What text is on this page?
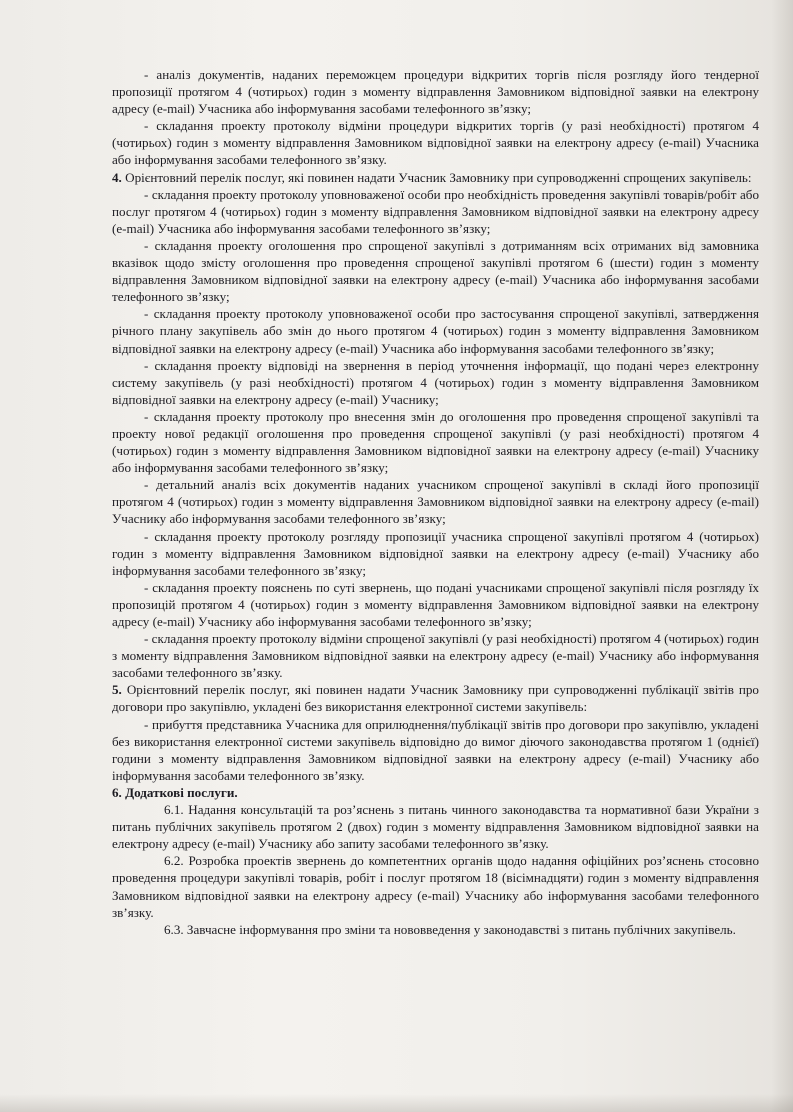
- аналіз документів, наданих переможцем процедури відкритих торгів після розгляду його тендерної пропозиції протягом 4 (чотирьох) годин з моменту відправлення Замовником відповідної заявки на електрону адресу (e-mail) Учасника або інформування засобами телефонного зв’язку;

- складання проекту протоколу відміни процедури відкритих торгів (у разі необхідності) протягом 4 (чотирьох) годин з моменту відправлення Замовником відповідної заявки на електрону адресу (e-mail) Учасника або інформування засобами телефонного зв’язку.

4. Орієнтовний перелік послуг, які повинен надати Учасник Замовнику при супроводженні спрощених закупівель:

- складання проекту протоколу уповноваженої особи про необхідність проведення закупівлі товарів/робіт або послуг протягом 4 (чотирьох) годин з моменту відправлення Замовником відповідної заявки на електрону адресу (e-mail) Учасника або інформування засобами телефонного зв’язку;

- складання проекту оголошення про спрощеної закупівлі з дотриманням всіх отриманих від замовника вказівок щодо змісту оголошення про проведення спрощеної закупівлі протягом 6 (шести) годин з моменту відправлення Замовником відповідної заявки на електрону адресу (e-mail) Учасника або інформування засобами телефонного зв’язку;

- складання проекту протоколу уповноваженої особи про застосування спрощеної закупівлі, затвердження річного плану закупівель або змін до нього протягом 4 (чотирьох) годин з моменту відправлення Замовником відповідної заявки на електрону адресу (e-mail) Учасника або інформування засобами телефонного зв’язку;

- складання проекту відповіді на звернення в період уточнення інформації, що подані через електронну систему закупівель (у разі необхідності) протягом 4 (чотирьох) годин з моменту відправлення Замовником відповідної заявки на електрону адресу (e-mail) Учаснику;

- складання проекту протоколу про внесення змін до оголошення про проведення спрощеної закупівлі та проекту нової редакції оголошення про проведення спрощеної закупівлі (у разі необхідності) протягом 4 (чотирьох) годин з моменту відправлення Замовником відповідної заявки на електрону адресу (e-mail) Учаснику або інформування засобами телефонного зв’язку;

- детальний аналіз всіх документів наданих учасником спрощеної закупівлі в складі його пропозиції протягом 4 (чотирьох) годин з моменту відправлення Замовником відповідної заявки на електрону адресу (e-mail) Учаснику або інформування засобами телефонного зв’язку;

- складання проекту протоколу розгляду пропозиції учасника спрощеної закупівлі протягом 4 (чотирьох) годин з моменту відправлення Замовником відповідної заявки на електрону адресу (e-mail) Учаснику або інформування засобами телефонного зв’язку;

- складання проекту пояснень по суті звернень, що подані учасниками спрощеної закупівлі після розгляду їх пропозицій протягом 4 (чотирьох) годин з моменту відправлення Замовником відповідної заявки на електрону адресу (e-mail) Учаснику або інформування засобами телефонного зв’язку;

- складання проекту протоколу відміни спрощеної закупівлі (у разі необхідності) протягом 4 (чотирьох) годин з моменту відправлення Замовником відповідної заявки на електрону адресу (e-mail) Учаснику або інформування засобами телефонного зв’язку.

5. Орієнтовний перелік послуг, які повинен надати Учасник Замовнику при супроводженні публікації звітів про договори про закупівлю, укладені без використання електронної системи закупівель:

- прибуття представника Учасника для оприлюднення/публікації звітів про договори про закупівлю, укладені без використання електронної системи закупівель відповідно до вимог діючого законодавства протягом 1 (однієї) години з моменту відправлення Замовником відповідної заявки на електрону адресу (e-mail) Учаснику або інформування засобами телефонного зв’язку.

6. Додаткові послуги.

6.1. Надання консультацій та роз’яснень з питань чинного законодавства та нормативної бази України з питань публічних закупівель протягом 2 (двох) годин з моменту відправлення Замовником відповідної заявки на електрону адресу (e-mail) Учаснику або запиту засобами телефонного зв’язку.

6.2. Розробка проектів звернень до компетентних органів щодо надання офіційних роз’яснень стосовно проведення процедури закупівлі товарів, робіт і послуг протягом 18 (вісімнадцяти) годин з моменту відправлення Замовником відповідної заявки на електрону адресу (e-mail) Учаснику або інформування засобами телефонного зв’язку.

6.3. Завчасне інформування про зміни та нововведення у законодавстві з питань публічних закупівель.
